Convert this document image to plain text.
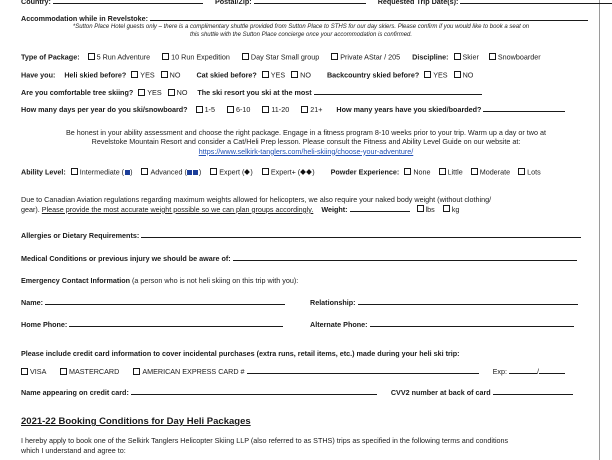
Country:	Postal/Zip:	Requested Trip Date(s):
Accommodation while in Revelstoke:
*Sutton Place Hotel guests only – there is a complimentary shuttle provided from Sutton Place to STHS for our day skiers. Please confirm if you would like to book a seat on
this shuttle with the Sutton Place concierge once your accommodation is confirmed.
Type of Package: 5 Run Adventure	10 Run Expedition	Day Star Small group	Private AStar / 205 Discipline: Skier	Snowboarder
Have you: Heli skied before? YES NO Cat skied before? YES NO Backcountry skied before? YES NO
Are you comfortable tree skiing? YES NO The ski resort you ski at the most
How many days per year do you ski/snowboard? 1-5	6-10	11-20	21+ How many years have you skied/boarded?
Be honest in your ability assessment and choose the right package. Engage in a fitness program 8-10 weeks prior to your trip. Warm up a day or two at
Revelstoke Mountain Resort and consider a Cat/Heli Prep lesson. Please consult the Fitness and Ability Level Guide on our website at:
https://www.selkirk-tanglers.com/heli-skiing/choose-your-adventure/
Ability Level: Intermediate ( )	Advanced ( )	Expert ( )	Expert+ ( ) Powder Experience: None Little Moderate Lots
Due to Canadian Aviation regulations regarding maximum weights allowed for helicopters, we also require your naked body weight (without clothing/
gear). Please provide the most accurate weight possible so we can plan groups accordingly. Weight:	lbs kg
Allergies or Dietary Requirements:
Medical Conditions or previous injury we should be aware of:
Emergency Contact Information (a person who is not heli skiing on this trip with you):
Name:	Relationship:
Home Phone:	Alternate Phone:
Please include credit card information to cover incidental purchases (extra runs, retail items, etc.) made during your heli ski trip:
VISA	MASTERCARD	AMERICAN EXPRESS CARD #	Exp:	/
Name appearing on credit card:	CVV2 number at back of card
2021-22 Booking Conditions for Day Heli Packages
I hereby apply to book one of the Selkirk Tanglers Helicopter Skiing LLP (also referred to as STHS) trips as specified in the following terms and conditions
which I understand and agree to:
